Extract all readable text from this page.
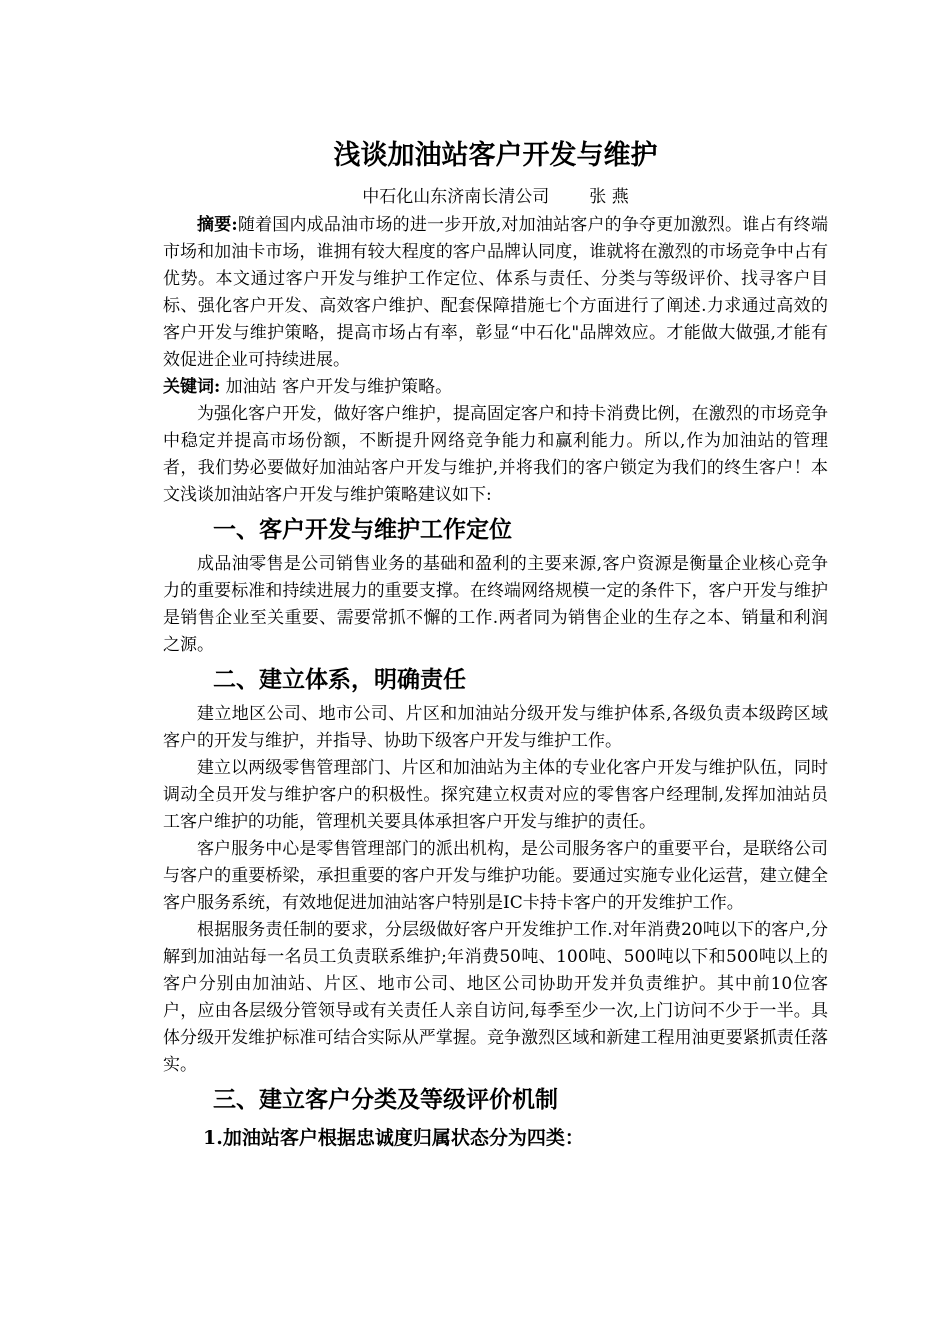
浅谈加油站客户开发与维护
中石化山东济南长清公司 张 燕

摘要:随着国内成品油市场的进一步开放,对加油站客户的争夺更加激烈。谁占有终端市场和加油卡市场，谁拥有较大程度的客户品牌认同度，谁就将在激烈的市场竞争中占有优势。本文通过客户开发与维护工作定位、体系与责任、分类与等级评价、找寻客户目标、强化客户开发、高效客户维护、配套保障措施七个方面进行了阐述.力求通过高效的客户开发与维护策略，提高市场占有率，彰显“中石化"品牌效应。才能做大做强,才能有效促进企业可持续进展。

关键词: 加油站 客户开发与维护策略。

为强化客户开发，做好客户维护，提高固定客户和持卡消费比例，在激烈的市场竞争中稳定并提高市场份额，不断提升网络竞争能力和赢利能力。所以,作为加油站的管理者，我们势必要做好加油站客户开发与维护,并将我们的客户锁定为我们的终生客户！本文浅谈加油站客户开发与维护策略建议如下:

一、客户开发与维护工作定位

成品油零售是公司销售业务的基础和盈利的主要来源,客户资源是衡量企业核心竞争力的重要标准和持续进展力的重要支撑。在终端网络规模一定的条件下，客户开发与维护是销售企业至关重要、需要常抓不懈的工作.两者同为销售企业的生存之本、销量和利润之源。

二、建立体系，明确责任

建立地区公司、地市公司、片区和加油站分级开发与维护体系,各级负责本级跨区域客户的开发与维护，并指导、协助下级客户开发与维护工作。

建立以两级零售管理部门、片区和加油站为主体的专业化客户开发与维护队伍，同时调动全员开发与维护客户的积极性。探究建立权责对应的零售客户经理制,发挥加油站员工客户维护的功能，管理机关要具体承担客户开发与维护的责任。

客户服务中心是零售管理部门的派出机构，是公司服务客户的重要平台，是联络公司与客户的重要桥梁，承担重要的客户开发与维护功能。要通过实施专业化运营，建立健全客户服务系统，有效地促进加油站客户特别是IC卡持卡客户的开发维护工作。

根据服务责任制的要求，分层级做好客户开发维护工作.对年消费20吨以下的客户,分解到加油站每一名员工负责联系维护;年消费50吨、100吨、500吨以下和500吨以上的客户分别由加油站、片区、地市公司、地区公司协助开发并负责维护。其中前10位客户，应由各层级分管领导或有关责任人亲自访问,每季至少一次,上门访问不少于一半。具体分级开发维护标准可结合实际从严掌握。竞争激烈区域和新建工程用油更要紧抓责任落实。

三、建立客户分类及等级评价机制
1.加油站客户根据忠诚度归属状态分为四类：
